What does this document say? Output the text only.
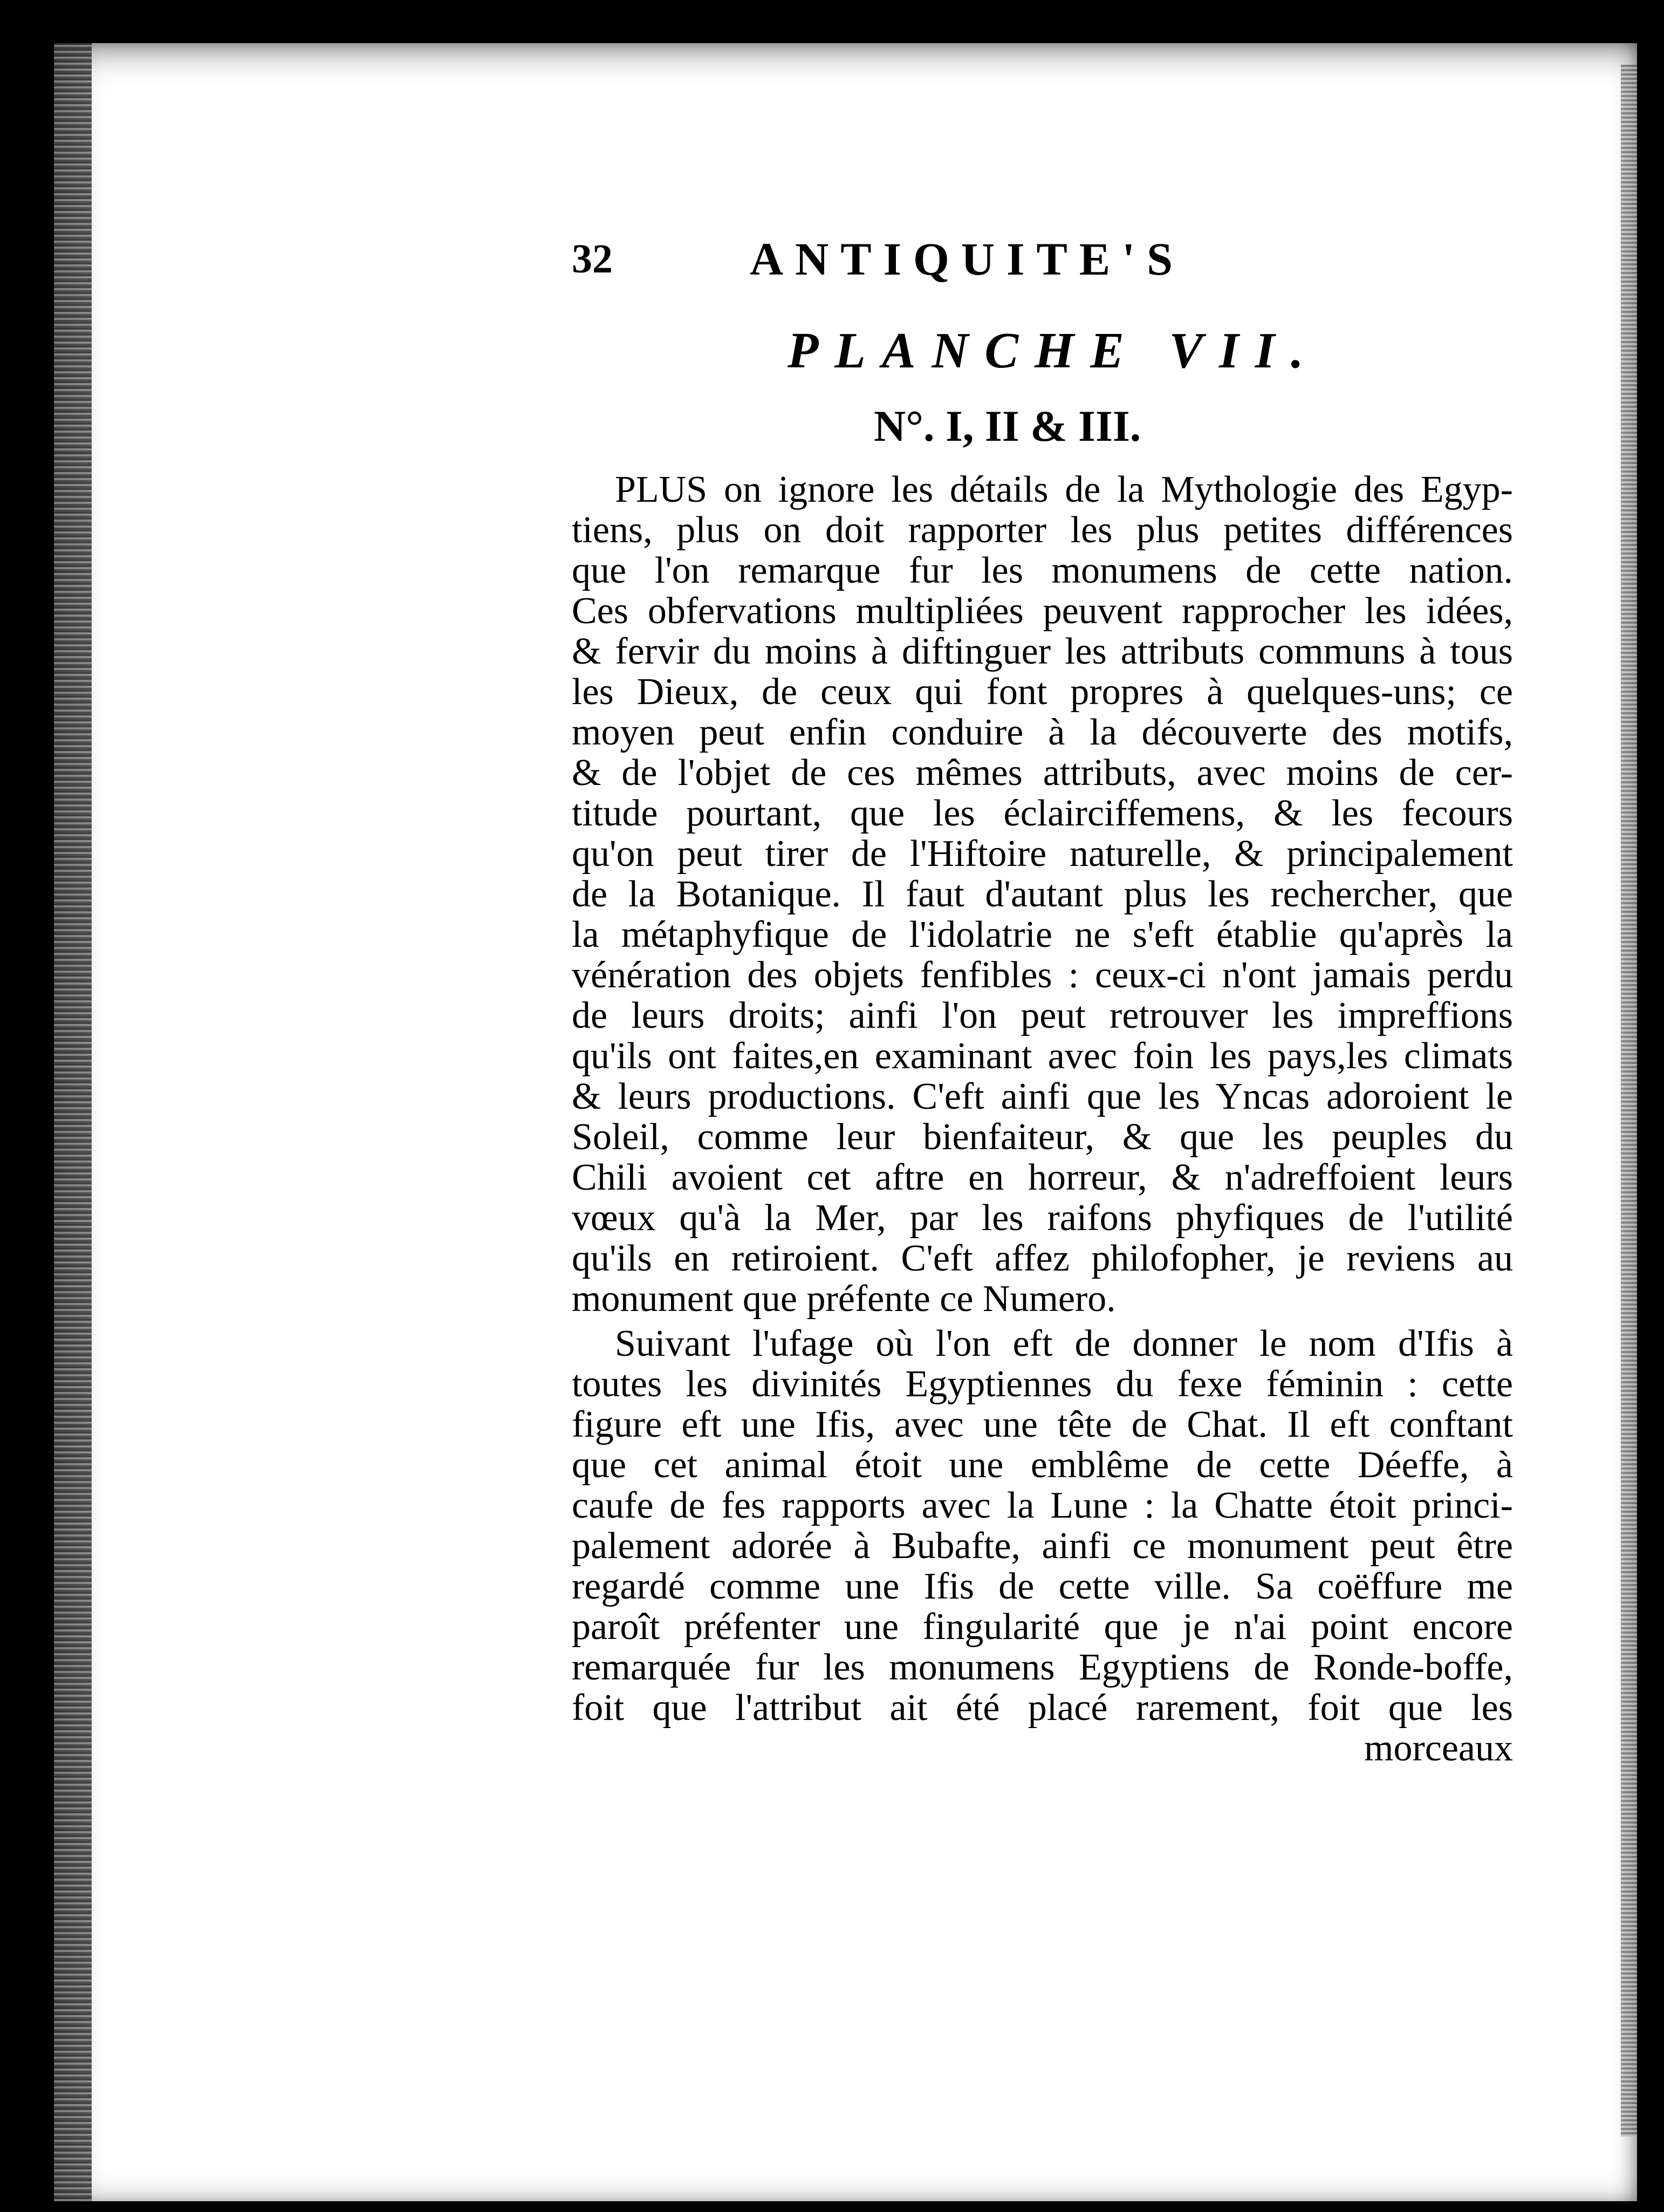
32	ANTIQUITE'S
PLANCHE VII.
N°. I, II & III.
PLUS on ignore les détails de la Mythologie des Egyp-
tiens, plus on doit rapporter les plus petites différences
que l'on remarque fur les monumens de cette nation.
Ces obfervations multipliées peuvent rapprocher les idées,
& fervir du moins à diftinguer les attributs communs à tous
les Dieux, de ceux qui font propres à quelques-uns; ce
moyen peut enfin conduire à la découverte des motifs,
& de l'objet de ces mêmes attributs, avec moins de cer-
titude pourtant, que les éclairciffemens, & les fecours
qu'on peut tirer de l'Hiftoire naturelle, & principalement
de la Botanique. Il faut d'autant plus les rechercher, que
la métaphyfique de l'idolatrie ne s'eft établie qu'après la
vénération des objets fenfibles : ceux-ci n'ont jamais perdu
de leurs droits; ainfi l'on peut retrouver les impreffions
qu'ils ont faites,en examinant avec foin les pays,les climats
& leurs productions. C'eft ainfi que les Yncas adoroient le
Soleil, comme leur bienfaiteur, & que les peuples du
Chili avoient cet aftre en horreur, & n'adreffoient leurs
vœux qu'à la Mer, par les raifons phyfiques de l'utilité
qu'ils en retiroient. C'eft affez philofopher, je reviens au
monument que préfente ce Numero.
Suivant l'ufage où l'on eft de donner le nom d'Ifis à
toutes les divinités Egyptiennes du fexe féminin : cette
figure eft une Ifis, avec une tête de Chat. Il eft conftant
que cet animal étoit une emblême de cette Déeffe, à
caufe de fes rapports avec la Lune : la Chatte étoit princi-
palement adorée à Bubafte, ainfi ce monument peut être
regardé comme une Ifis de cette ville. Sa coëffure me
paroît préfenter une fingularité que je n'ai point encore
remarquée fur les monumens Egyptiens de Ronde-boffe,
foit que l'attribut ait été placé rarement, foit que les
morceaux
